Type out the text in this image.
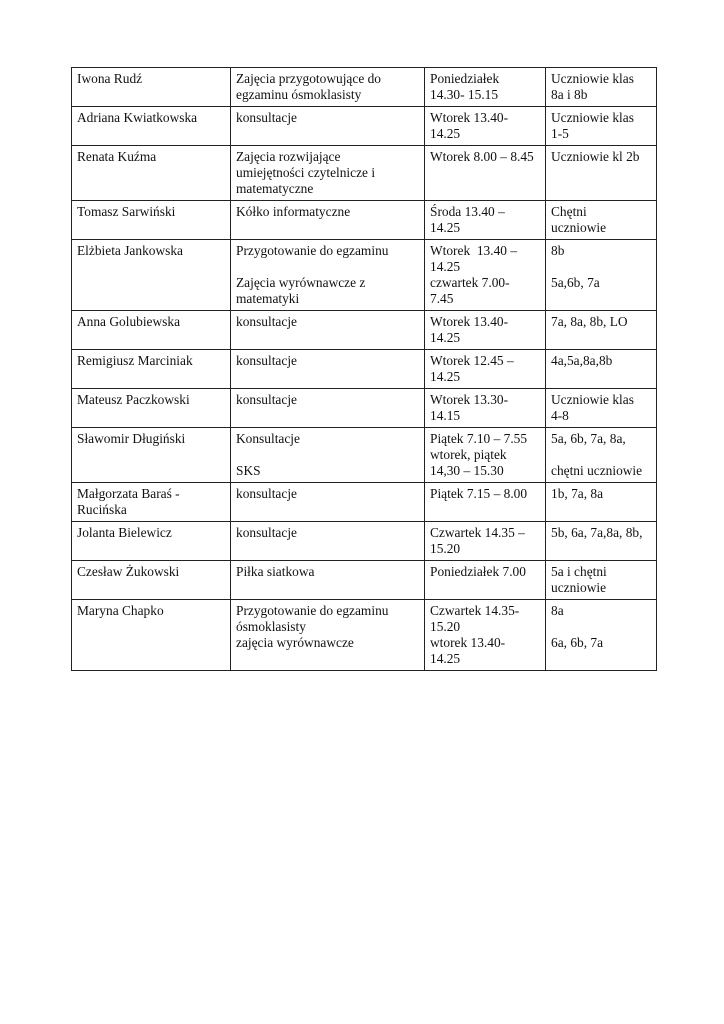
Iwona Rudź	Zajęcia przygotowujące do
egzaminu ósmoklasisty	Poniedziałek
14.30- 15.15	Uczniowie klas
8a i 8b

Adriana Kwiatkowska	konsultacje	Wtorek 13.40-
14.25	Uczniowie klas
1-5

Renata Kuźma	Zajęcia rozwijające
umiejętności czytelnicze i
matematyczne	Wtorek 8.00 – 8.45	Uczniowie kl 2b

Tomasz Sarwiński	Kółko informatyczne	Środa 13.40 –
14.25	Chętni
uczniowie

Elżbieta Jankowska	Przygotowanie do egzaminu
Zajęcia wyrównawcze z
matematyki	Wtorek  13.40 –
14.25
czwartek 7.00-
7.45	8b
5a,6b, 7a

Anna Golubiewska	konsultacje	Wtorek 13.40-
14.25	7a, 8a, 8b, LO

Remigiusz Marciniak	konsultacje	Wtorek 12.45 –
14.25	4a,5a,8a,8b

Mateusz Paczkowski	konsultacje	Wtorek 13.30-
14.15	Uczniowie klas
4-8

Sławomir Długiński	Konsultacje
SKS	Piątek 7.10 – 7.55
wtorek, piątek
14,30 – 15.30	5a, 6b, 7a, 8a,
chętni uczniowie

Małgorzata Baraś -
Rucińska	konsultacje	Piątek 7.15 – 8.00	1b, 7a, 8a

Jolanta Bielewicz	konsultacje	Czwartek 14.35 –
15.20	5b, 6a, 7a,8a, 8b,

Czesław Żukowski	Piłka siatkowa	Poniedziałek 7.00	5a i chętni
uczniowie

Maryna Chapko	Przygotowanie do egzaminu
ósmoklasisty
zajęcia wyrównawcze	Czwartek 14.35-
15.20
wtorek 13.40-
14.25	8a
6a, 6b, 7a
